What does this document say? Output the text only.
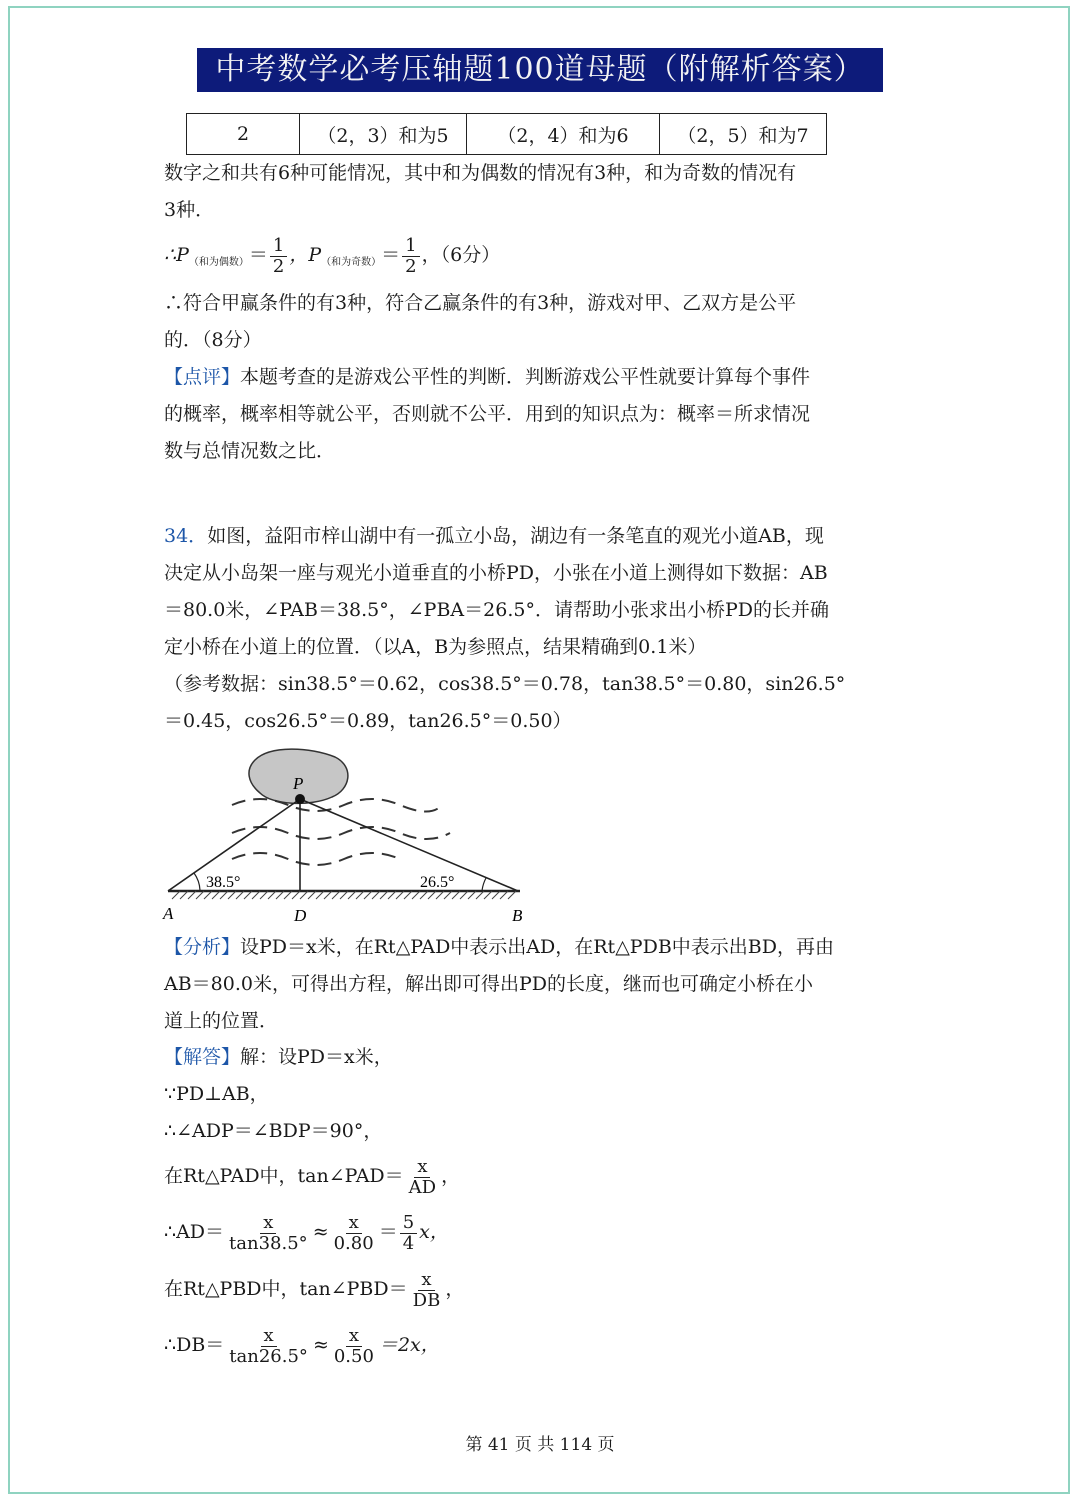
中考数学必考压轴题100道母题（附解析答案）
2	（2，3）和为5	（2，4）和为6	（2，5）和为7
数字之和共有6种可能情况，其中和为偶数的情况有3种，和为奇数的情况有
3种．
$\therefore P_{(和为偶数)}= \frac{1}{2}$ ，$P_{(和为奇数)}= \frac{1}{2}$ ，（6分）
∴符合甲赢条件的有3种，符合乙赢条件的有3种，游戏对甲、乙双方是公平
的．（8分）
【点评】本题考查的是游戏公平性的判断．判断游戏公平性就要计算每个事件
的概率，概率相等就公平，否则就不公平．用到的知识点为：概率＝所求情况
数与总情况数之比．
34．如图，益阳市梓山湖中有一孤立小岛，湖边有一条笔直的观光小道AB，现
决定从小岛架一座与观光小道垂直的小桥PD，小张在小道上测得如下数据：AB
＝80.0米，∠PAB＝38.5°，∠PBA＝26.5°．请帮助小张求出小桥PD的长并确
定小桥在小道上的位置．（以A，B为参照点，结果精确到0.1米）
（参考数据：sin38.5°＝0.62，cos38.5°＝0.78，tan38.5°＝0.80，sin26.5°
＝0.45，cos26.5°＝0.89，tan26.5°＝0.50）
P
A	D	B
38.5°	26.5°
【分析】设PD＝x米，在Rt△PAD中表示出AD，在Rt△PDB中表示出BD，再由
AB＝80.0米，可得出方程，解出即可得出PD的长度，继而也可确定小桥在小
道上的位置．
【解答】解：设PD＝x米，
∵PD⊥AB，
∴∠ADP＝∠BDP＝90°，
在Rt△PAD中，tan∠PAD＝ $\frac{x}{AD}$ ，
∴AD＝ $\frac{x}{\tan 38.5^\circ} \approx \frac{x}{0.80} = \frac{5}{4}$ x，
在Rt△PBD中，tan∠PBD＝ $\frac{x}{DB}$ ，
∴DB＝ $\frac{x}{\tan 26.5^\circ} \approx \frac{x}{0.50} =2x$，
第 41 页 共 114 页
